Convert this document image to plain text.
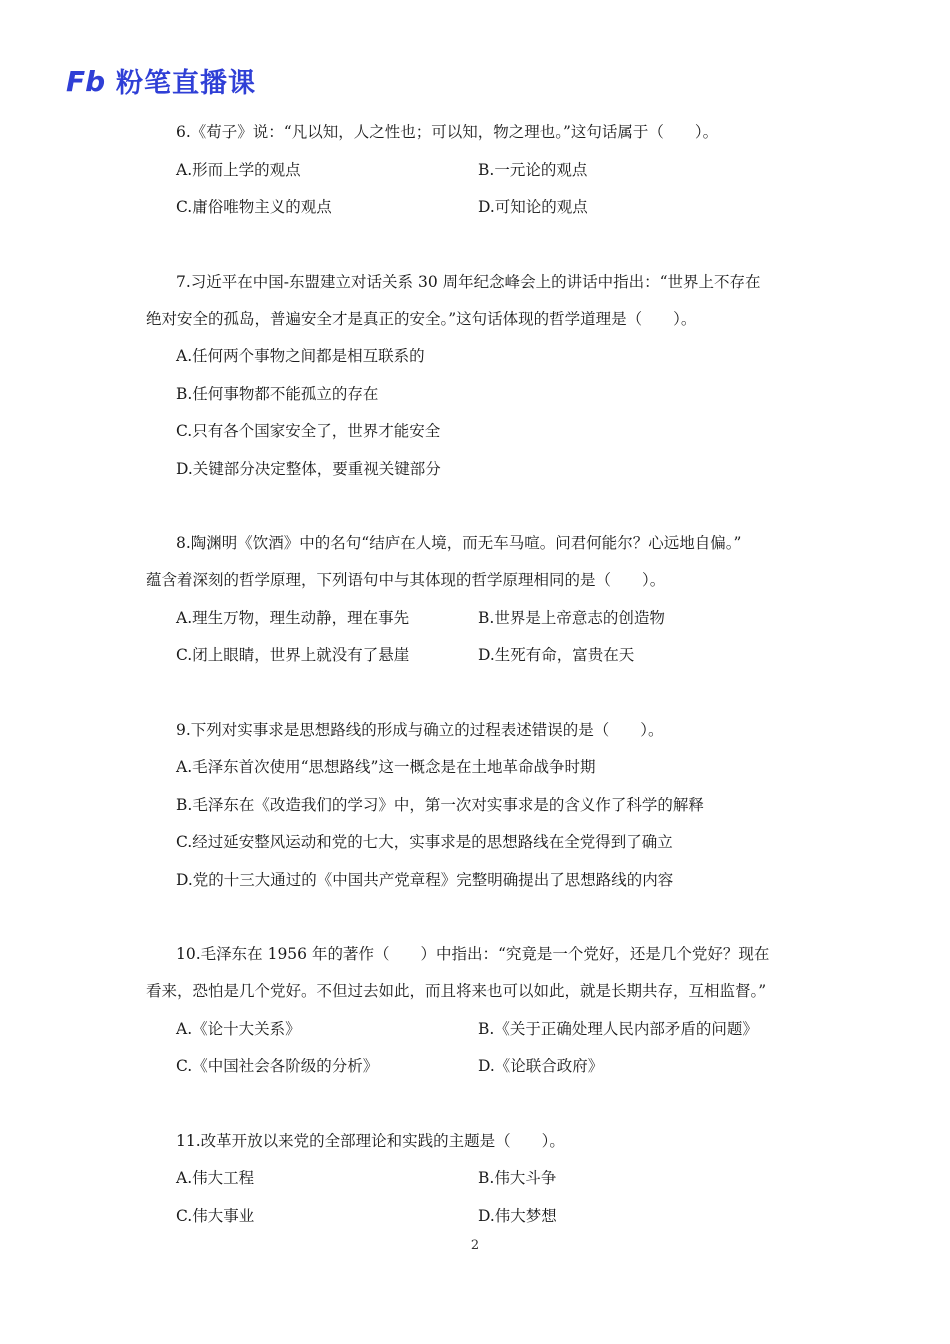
Fb 粉笔直播课
6.《荀子》说：“凡以知，人之性也；可以知，物之理也。”这句话属于（　　）。
A.形而上学的观点	B.一元论的观点
C.庸俗唯物主义的观点	D.可知论的观点
7.习近平在中国-东盟建立对话关系 30 周年纪念峰会上的讲话中指出：“世界上不存在
绝对安全的孤岛，普遍安全才是真正的安全。”这句话体现的哲学道理是（　　）。
A.任何两个事物之间都是相互联系的
B.任何事物都不能孤立的存在
C.只有各个国家安全了，世界才能安全
D.关键部分决定整体，要重视关键部分
8.陶渊明《饮酒》中的名句“结庐在人境，而无车马喧。问君何能尔？心远地自偏。”
蕴含着深刻的哲学原理，下列语句中与其体现的哲学原理相同的是（　　）。
A.理生万物，理生动静，理在事先	B.世界是上帝意志的创造物
C.闭上眼睛，世界上就没有了悬崖	D.生死有命，富贵在天
9.下列对实事求是思想路线的形成与确立的过程表述错误的是（　　）。
A.毛泽东首次使用“思想路线”这一概念是在土地革命战争时期
B.毛泽东在《改造我们的学习》中，第一次对实事求是的含义作了科学的解释
C.经过延安整风运动和党的七大，实事求是的思想路线在全党得到了确立
D.党的十三大通过的《中国共产党章程》完整明确提出了思想路线的内容
10.毛泽东在 1956 年的著作（　　）中指出：“究竟是一个党好，还是几个党好？现在
看来，恐怕是几个党好。不但过去如此，而且将来也可以如此，就是长期共存，互相监督。”
A.《论十大关系》	B.《关于正确处理人民内部矛盾的问题》
C.《中国社会各阶级的分析》	D.《论联合政府》
11.改革开放以来党的全部理论和实践的主题是（　　）。
A.伟大工程	B.伟大斗争
C.伟大事业	D.伟大梦想
2
